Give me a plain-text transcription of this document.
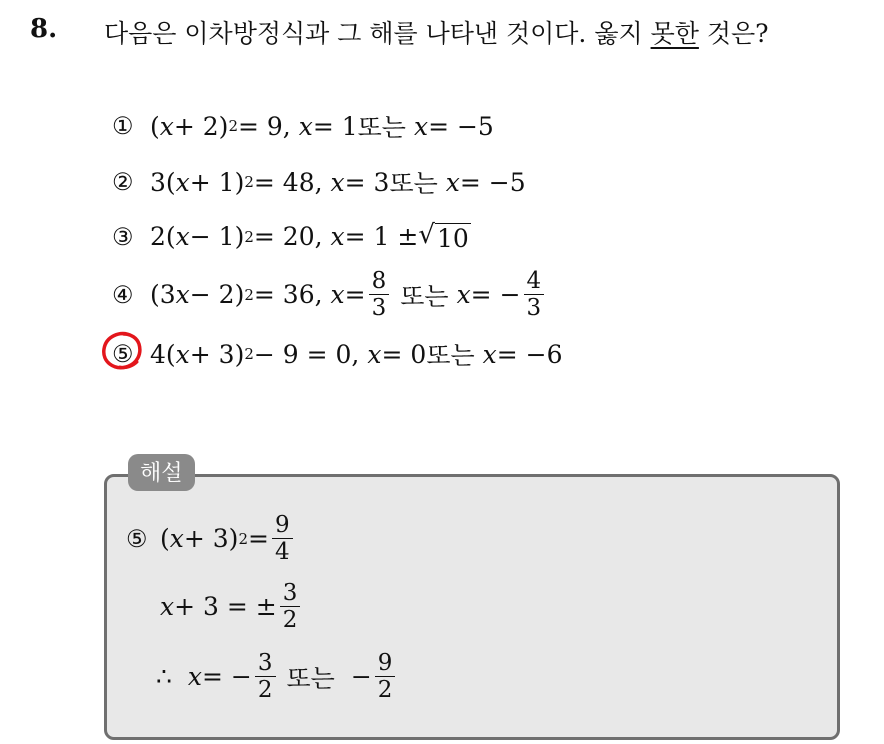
8. 다음은 이차방정식과 그 해를 나타낸 것이다. 옳지 못한 것은?
① ( x + 2) 2 = 9, x = 1 또는 x = −5
② 3( x + 1) 2 = 48, x = 3 또는 x = −5
③ 2( x − 1) 2 = 20, x = 1 ± √ 10
④ (3 x − 2) 2 = 36, $x = \frac{8}{3}$ 또는 x = − $\frac{4}{3}$
⑤ 4( x + 3) 2 − 9 = 0, x = 0 또는 x = −6
해설
⑤ ( x + 3) $2 = \frac{9}{4}$
x + 3 = ± $\frac{3}{2}$
∴ x = − $\frac{3}{2}$ 또는 − $\frac{9}{2}$
